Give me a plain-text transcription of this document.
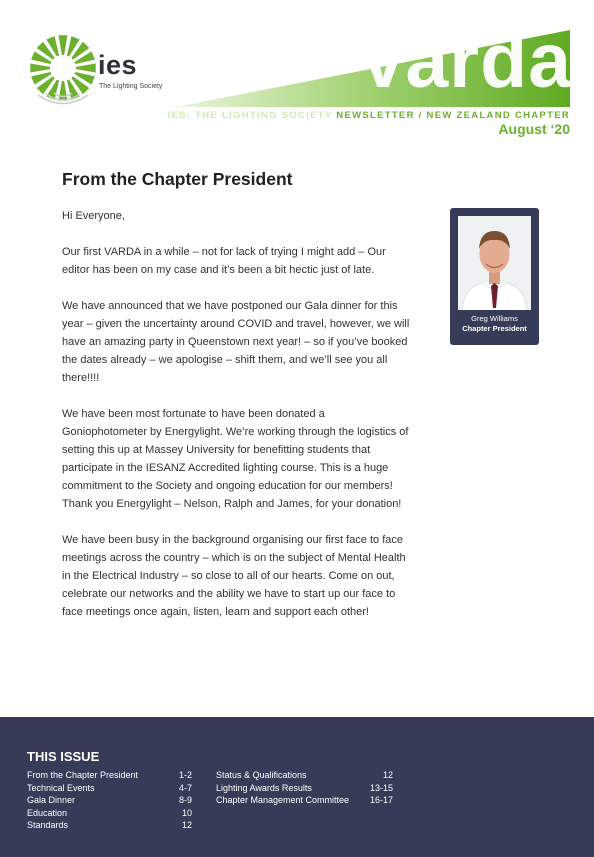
ies
The Lighting Society	Varda
IES: THE LIGHTING SOCIETY NEWSLETTER / NEW ZEALAND CHAPTER
August ‘20
From the Chapter President

Hi Everyone,

Our first VARDA in a while – not for lack of trying I might add – Our editor has been on my case and it’s been a bit hectic just of late.

We have announced that we have postponed our Gala dinner for this year – given the uncertainty around COVID and travel, however, we will have an amazing party in Queenstown next year! – so if you’ve booked the dates already – we apologise – shift them, and we’ll see you all there!!!!

We have been most fortunate to have been donated a Goniophotometer by Energylight. We’re working through the logistics of setting this up at Massey University for benefitting students that participate in the IESANZ Accredited lighting course. This is a huge commitment to the Society and ongoing education for our members! Thank you Energylight – Nelson, Ralph and James, for your donation!

We have been busy in the background organising our first face to face meetings across the country – which is on the subject of Mental Health in the Electrical Industry – so close to all of our hearts. Come on out, celebrate our networks and the ability we have to start up our face to face meetings once again, listen, learn and support each other!

Greg Williams
Chapter President
THIS ISSUE
From the Chapter President	1-2
Technical Events	4-7
Gala Dinner	8-9
Education	10
Standards	12
Status & Qualifications	12
Lighting Awards Results	13-15
Chapter Management Committee 16-17
